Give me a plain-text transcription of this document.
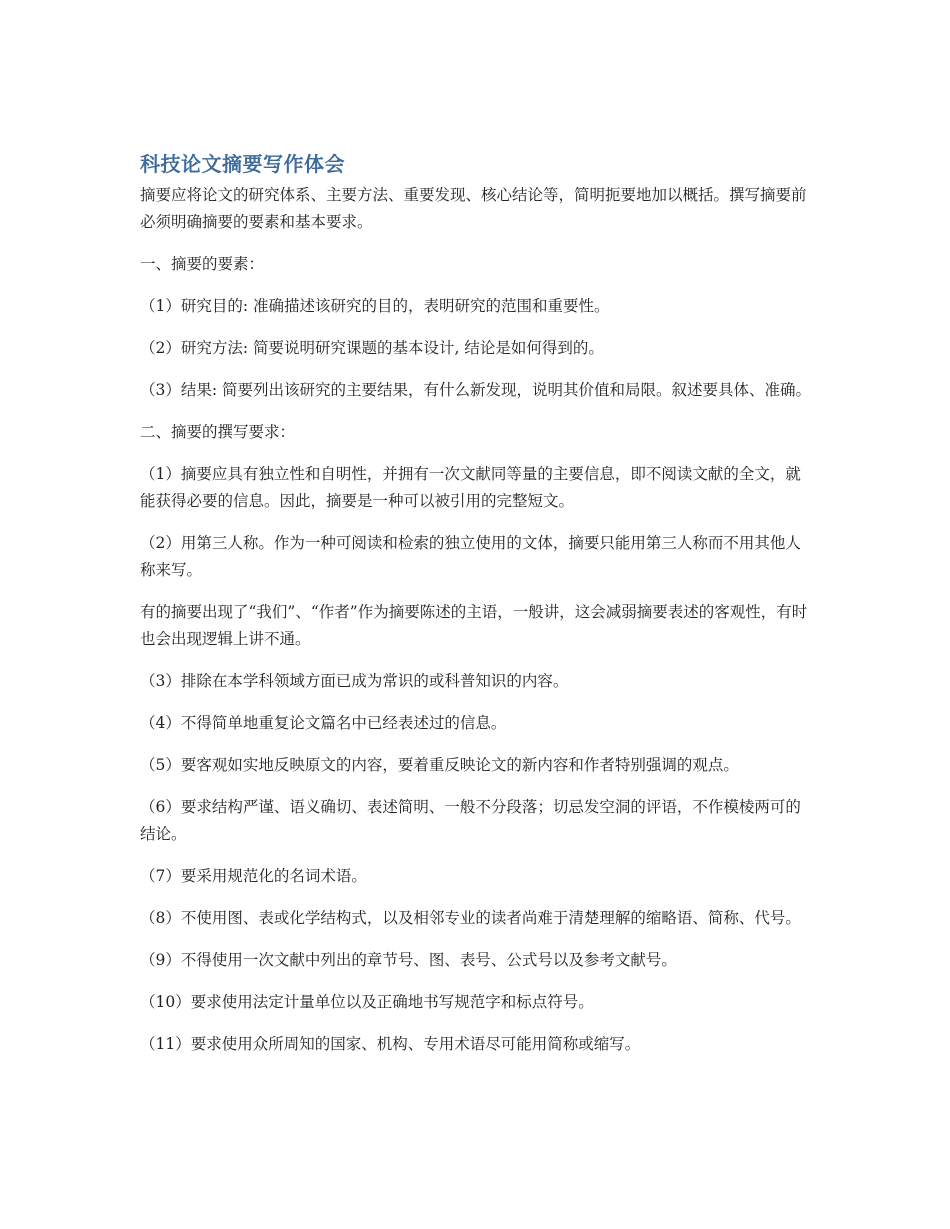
科技论文摘要写作体会

摘要应将论文的研究体系、主要方法、重要发现、核心结论等，简明扼要地加以概括。撰写摘要前必须明确摘要的要素和基本要求。

一、摘要的要素：

（1）研究目的: 准确描述该研究的目的，表明研究的范围和重要性。

（2）研究方法: 简要说明研究课题的基本设计, 结论是如何得到的。

（3）结果: 简要列出该研究的主要结果，有什么新发现，说明其价值和局限。叙述要具体、准确。

二、摘要的撰写要求：

（1）摘要应具有独立性和自明性，并拥有一次文献同等量的主要信息，即不阅读文献的全文，就能获得必要的信息。因此，摘要是一种可以被引用的完整短文。

（2）用第三人称。作为一种可阅读和检索的独立使用的文体，摘要只能用第三人称而不用其他人称来写。

有的摘要出现了“我们”、“作者”作为摘要陈述的主语，一般讲，这会减弱摘要表述的客观性，有时也会出现逻辑上讲不通。

（3）排除在本学科领域方面已成为常识的或科普知识的内容。

（4）不得简单地重复论文篇名中已经表述过的信息。

（5）要客观如实地反映原文的内容，要着重反映论文的新内容和作者特别强调的观点。

（6）要求结构严谨、语义确切、表述简明、一般不分段落；切忌发空洞的评语，不作模棱两可的结论。

（7）要采用规范化的名词术语。

（8）不使用图、表或化学结构式，以及相邻专业的读者尚难于清楚理解的缩略语、简称、代号。

（9）不得使用一次文献中列出的章节号、图、表号、公式号以及参考文献号。

（10）要求使用法定计量单位以及正确地书写规范字和标点符号。

（11）要求使用众所周知的国家、机构、专用术语尽可能用简称或缩写。
